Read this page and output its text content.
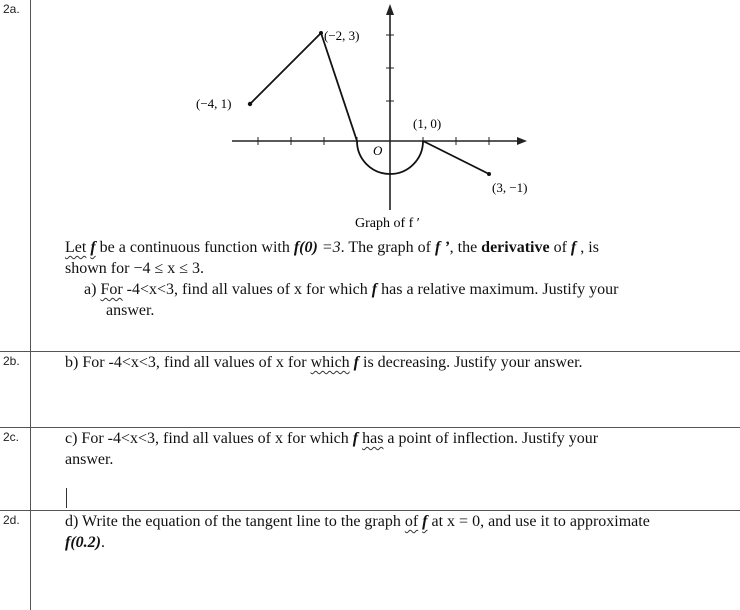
2a.
2b.
2c.
2d.
(−4, 1)
(−2, 3)
(1, 0)
(3, −1)
O
Graph of f ′
Let f be a continuous function with f(0) =3. The graph of f ’, the derivative of f , is
shown for −4 ≤ x ≤ 3.
a) For -4<x<3, find all values of x for which f has a relative maximum. Justify your
answer.
b) For -4<x<3, find all values of x for which f is decreasing. Justify your answer.
c) For -4<x<3, find all values of x for which f has a point of inflection. Justify your
answer.
d) Write the equation of the tangent line to the graph of f at x = 0, and use it to approximate
f(0.2).
